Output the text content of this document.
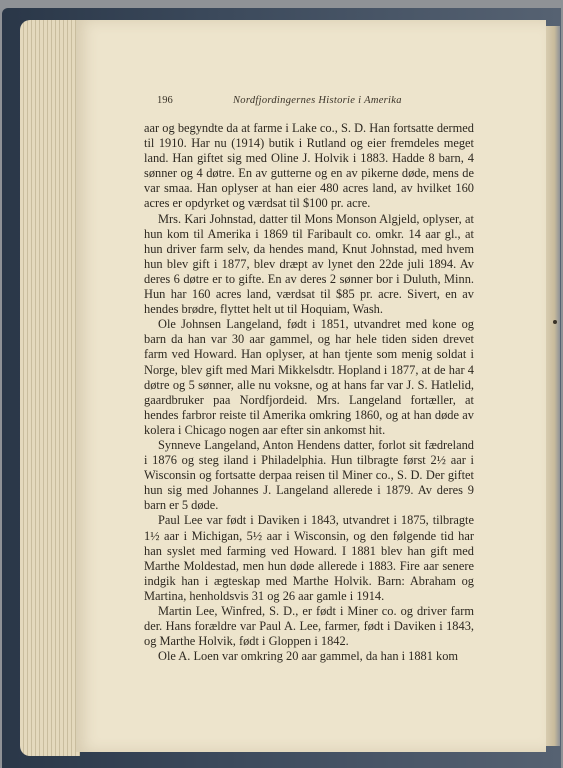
196	Nordfjordingernes Historie i Amerika

aar og begyndte da at farme i Lake co., S. D. Han fortsatte dermed til 1910. Har nu (1914) butik i Rutland og eier fremdeles meget land. Han giftet sig med Oline J. Holvik i 1883. Hadde 8 barn, 4 sønner og 4 døtre. En av gutterne og en av pikerne døde, mens de var smaa. Han oplyser at han eier 480 acres land, av hvilket 160 acres er opdyrket og værdsat til $100 pr. acre.

Mrs. Kari Johnstad, datter til Mons Monson Algjeld, oplyser, at hun kom til Amerika i 1869 til Faribault co. omkr. 14 aar gl., at hun driver farm selv, da hendes mand, Knut Johnstad, med hvem hun blev gift i 1877, blev dræpt av lynet den 22de juli 1894. Av deres 6 døtre er to gifte. En av deres 2 sønner bor i Duluth, Minn. Hun har 160 acres land, værdsat til $85 pr. acre. Sivert, en av hendes brødre, flyttet helt ut til Hoquiam, Wash.

Ole Johnsen Langeland, født i 1851, utvandret med kone og barn da han var 30 aar gammel, og har hele tiden siden drevet farm ved Howard. Han oplyser, at han tjente som menig soldat i Norge, blev gift med Mari Mikkelsdtr. Hopland i 1877, at de har 4 døtre og 5 sønner, alle nu voksne, og at hans far var J. S. Hatlelid, gaardbruker paa Nordfjordeid. Mrs. Langeland fortæller, at hendes farbror reiste til Amerika omkring 1860, og at han døde av kolera i Chicago nogen aar efter sin ankomst hit.

Synneve Langeland, Anton Hendens datter, forlot sit fædreland i 1876 og steg iland i Philadelphia. Hun tilbragte først 2½ aar i Wisconsin og fortsatte derpaa reisen til Miner co., S. D. Der giftet hun sig med Johannes J. Langeland allerede i 1879. Av deres 9 barn er 5 døde.

Paul Lee var født i Daviken i 1843, utvandret i 1875, tilbragte 1½ aar i Michigan, 5½ aar i Wisconsin, og den følgende tid har han syslet med farming ved Howard. I 1881 blev han gift med Marthe Moldestad, men hun døde allerede i 1883. Fire aar senere indgik han i ægteskap med Marthe Holvik. Barn: Abraham og Martina, henholdsvis 31 og 26 aar gamle i 1914.

Martin Lee, Winfred, S. D., er født i Miner co. og driver farm der. Hans forældre var Paul A. Lee, farmer, født i Daviken i 1843, og Marthe Holvik, født i Gloppen i 1842.

Ole A. Loen var omkring 20 aar gammel, da han i 1881 kom
